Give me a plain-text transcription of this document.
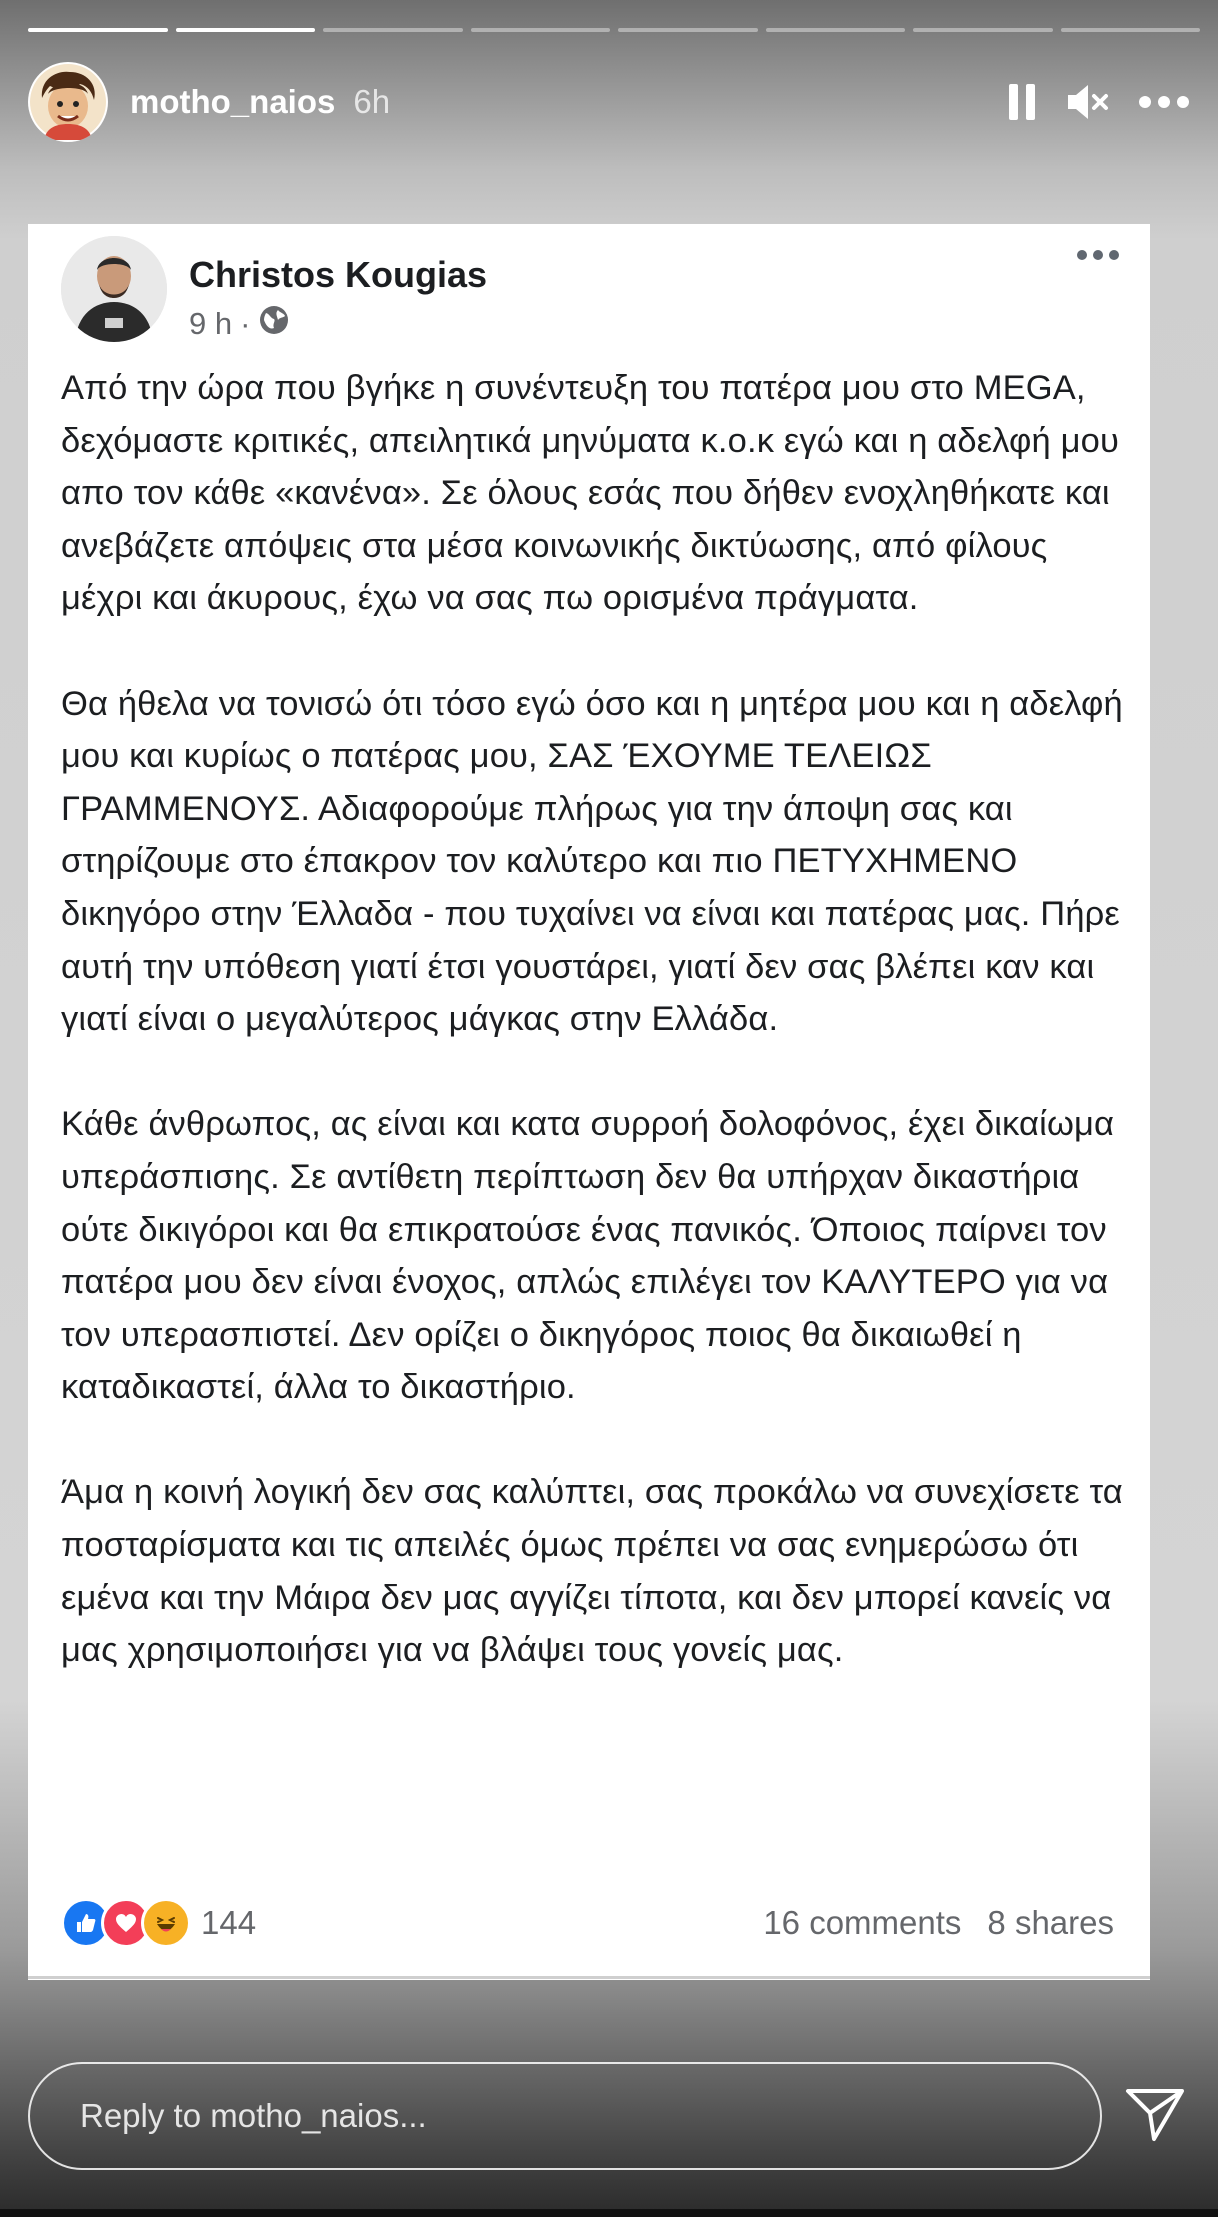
motho_naios 6h
Christos Kougias
9 h ·

Από την ώρα που βγήκε η συνέντευξη του πατέρα μου στο MEGA, δεχόμαστε κριτικές, απειλητικά μηνύματα κ.ο.κ εγώ και η αδελφή μου απο τον κάθε «κανένα». Σε όλους εσάς που δήθεν ενοχληθήκατε και ανεβάζετε απόψεις στα μέσα κοινωνικής δικτύωσης, από φίλους μέχρι και άκυρους, έχω να σας πω ορισμένα πράγματα.

Θα ήθελα να τονισώ ότι τόσο εγώ όσο και η μητέρα μου και η αδελφή μου και κυρίως ο πατέρας μου, ΣΑΣ ΈΧΟΥΜΕ ΤΕΛΕΙΩΣ ΓΡΑΜΜΕΝΟΥΣ. Αδιαφορούμε πλήρως για την άποψη σας και στηρίζουμε στο έπακρον τον καλύτερο και πιο ΠΕΤΥΧΗΜΕΝΟ δικηγόρο στην Έλλαδα - που τυχαίνει να είναι και πατέρας μας. Πήρε αυτή την υπόθεση γιατί έτσι γουστάρει, γιατί δεν σας βλέπει καν και γιατί είναι ο μεγαλύτερος μάγκας στην Ελλάδα.

Κάθε άνθρωπος, ας είναι και κατα συρροή δολοφόνος, έχει δικαίωμα υπεράσπισης. Σε αντίθετη περίπτωση δεν θα υπήρχαν δικαστήρια ούτε δικιγόροι και θα επικρατούσε ένας πανικός. Όποιος παίρνει τον πατέρα μου δεν είναι ένοχος, απλώς επιλέγει τον ΚΑΛΥΤΕΡΟ για να τον υπερασπιστεί. Δεν ορίζει ο δικηγόρος ποιος θα δικαιωθεί η καταδικαστεί, άλλα το δικαστήριο.

Άμα η κοινή λογική δεν σας καλύπτει, σας προκάλω να συνεχίσετε τα ποσταρίσματα και τις απειλές όμως πρέπει να σας ενημερώσω ότι εμένα και την Μάιρα δεν μας αγγίζει τίποτα, και δεν μπορεί κανείς να μας χρησιμοποιήσει για να βλάψει τους γονείς μας.

144	16 comments 8 shares
Reply to motho_naios...
